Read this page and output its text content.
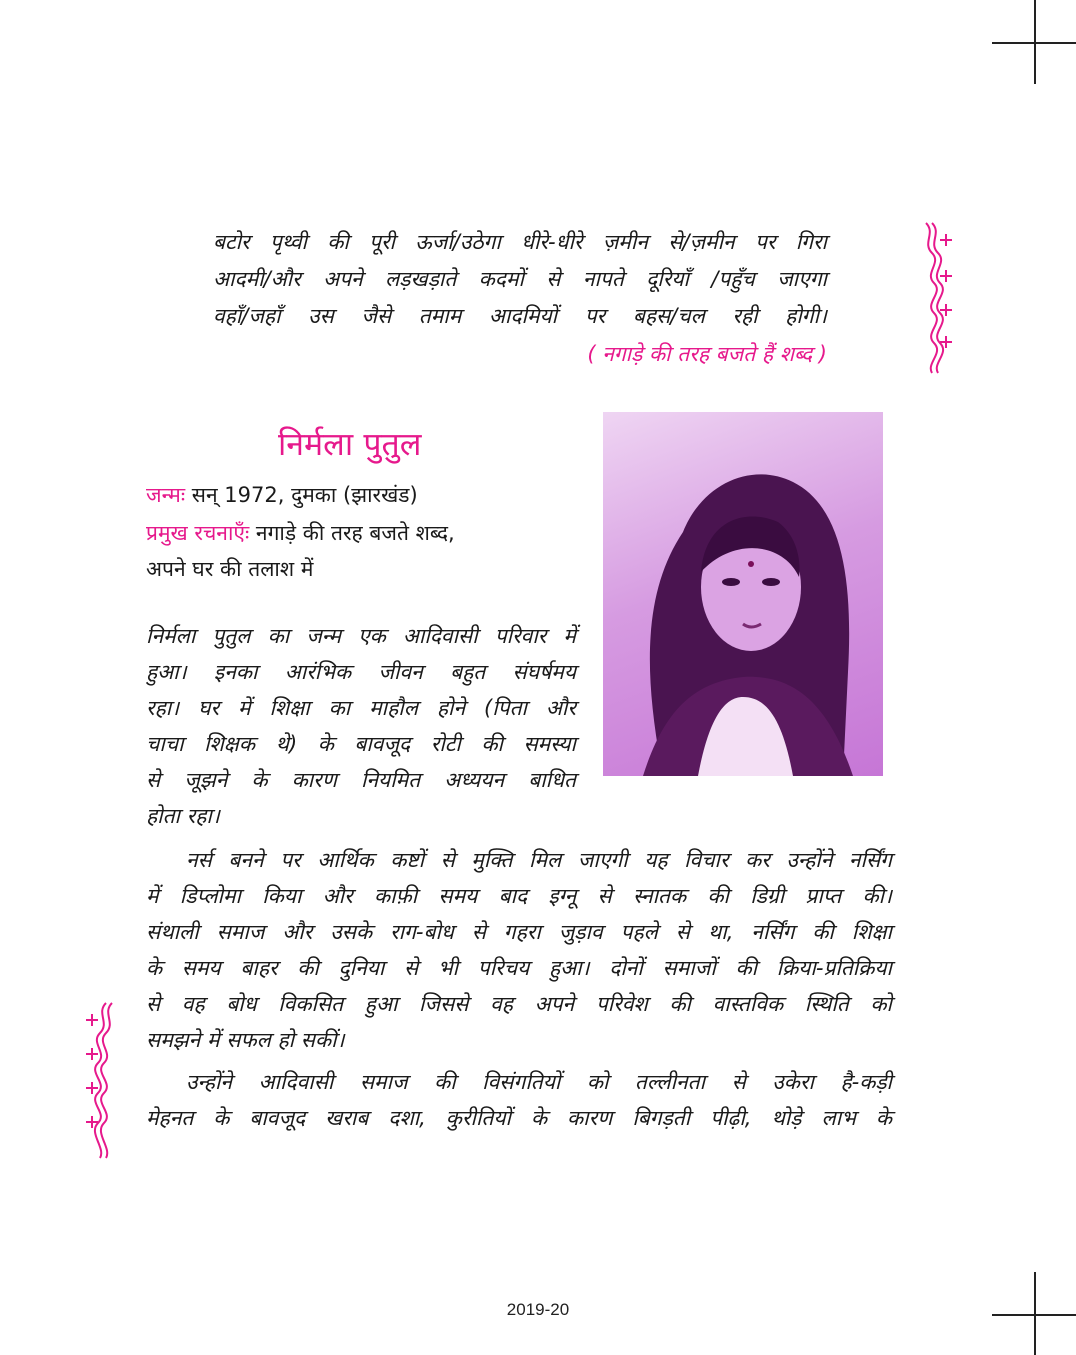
बटोर पृथ्वी की पूरी ऊर्जा/उठेगा धीरे-धीरे ज़मीन से/ज़मीन पर गिरा
आदमी/और अपने लड़खड़ाते कदमों से नापते दूरियाँ /पहुँच जाएगा
वहाँ/जहाँ उस जैसे तमाम आदमियों पर बहस/चल रही होगी।
( नगाड़े की तरह बजते हैं शब्द )
निर्मला पुतुल
जन्मः सन् 1972, दुमका (झारखंड)
प्रमुख रचनाएँः नगाड़े की तरह बजते शब्द,
अपने घर की तलाश में
निर्मला पुतुल का जन्म एक आदिवासी परिवार में
हुआ। इनका आरंभिक जीवन बहुत संघर्षमय
रहा। घर में शिक्षा का माहौल होने (पिता और
चाचा शिक्षक थे) के बावजूद रोटी की समस्या
से जूझने के कारण नियमित अध्ययन बाधित
होता रहा।
नर्स बनने पर आर्थिक कष्टों से मुक्ति मिल जाएगी यह विचार कर उन्होंने नर्सिंग
में डिप्लोमा किया और काफ़ी समय बाद इग्नू से स्नातक की डिग्री प्राप्त की।
संथाली समाज और उसके राग-बोध से गहरा जुड़ाव पहले से था, नर्सिंग की शिक्षा
के समय बाहर की दुनिया से भी परिचय हुआ। दोनों समाजों की क्रिया-प्रतिक्रिया
से वह बोध विकसित हुआ जिससे वह अपने परिवेश की वास्तविक स्थिति को
समझने में सफल हो सकीं।
उन्होंने आदिवासी समाज की विसंगतियों को तल्लीनता से उकेरा है-कड़ी
मेहनत के बावजूद खराब दशा, कुरीतियों के कारण बिगड़ती पीढ़ी, थोड़े लाभ के
2019-20
